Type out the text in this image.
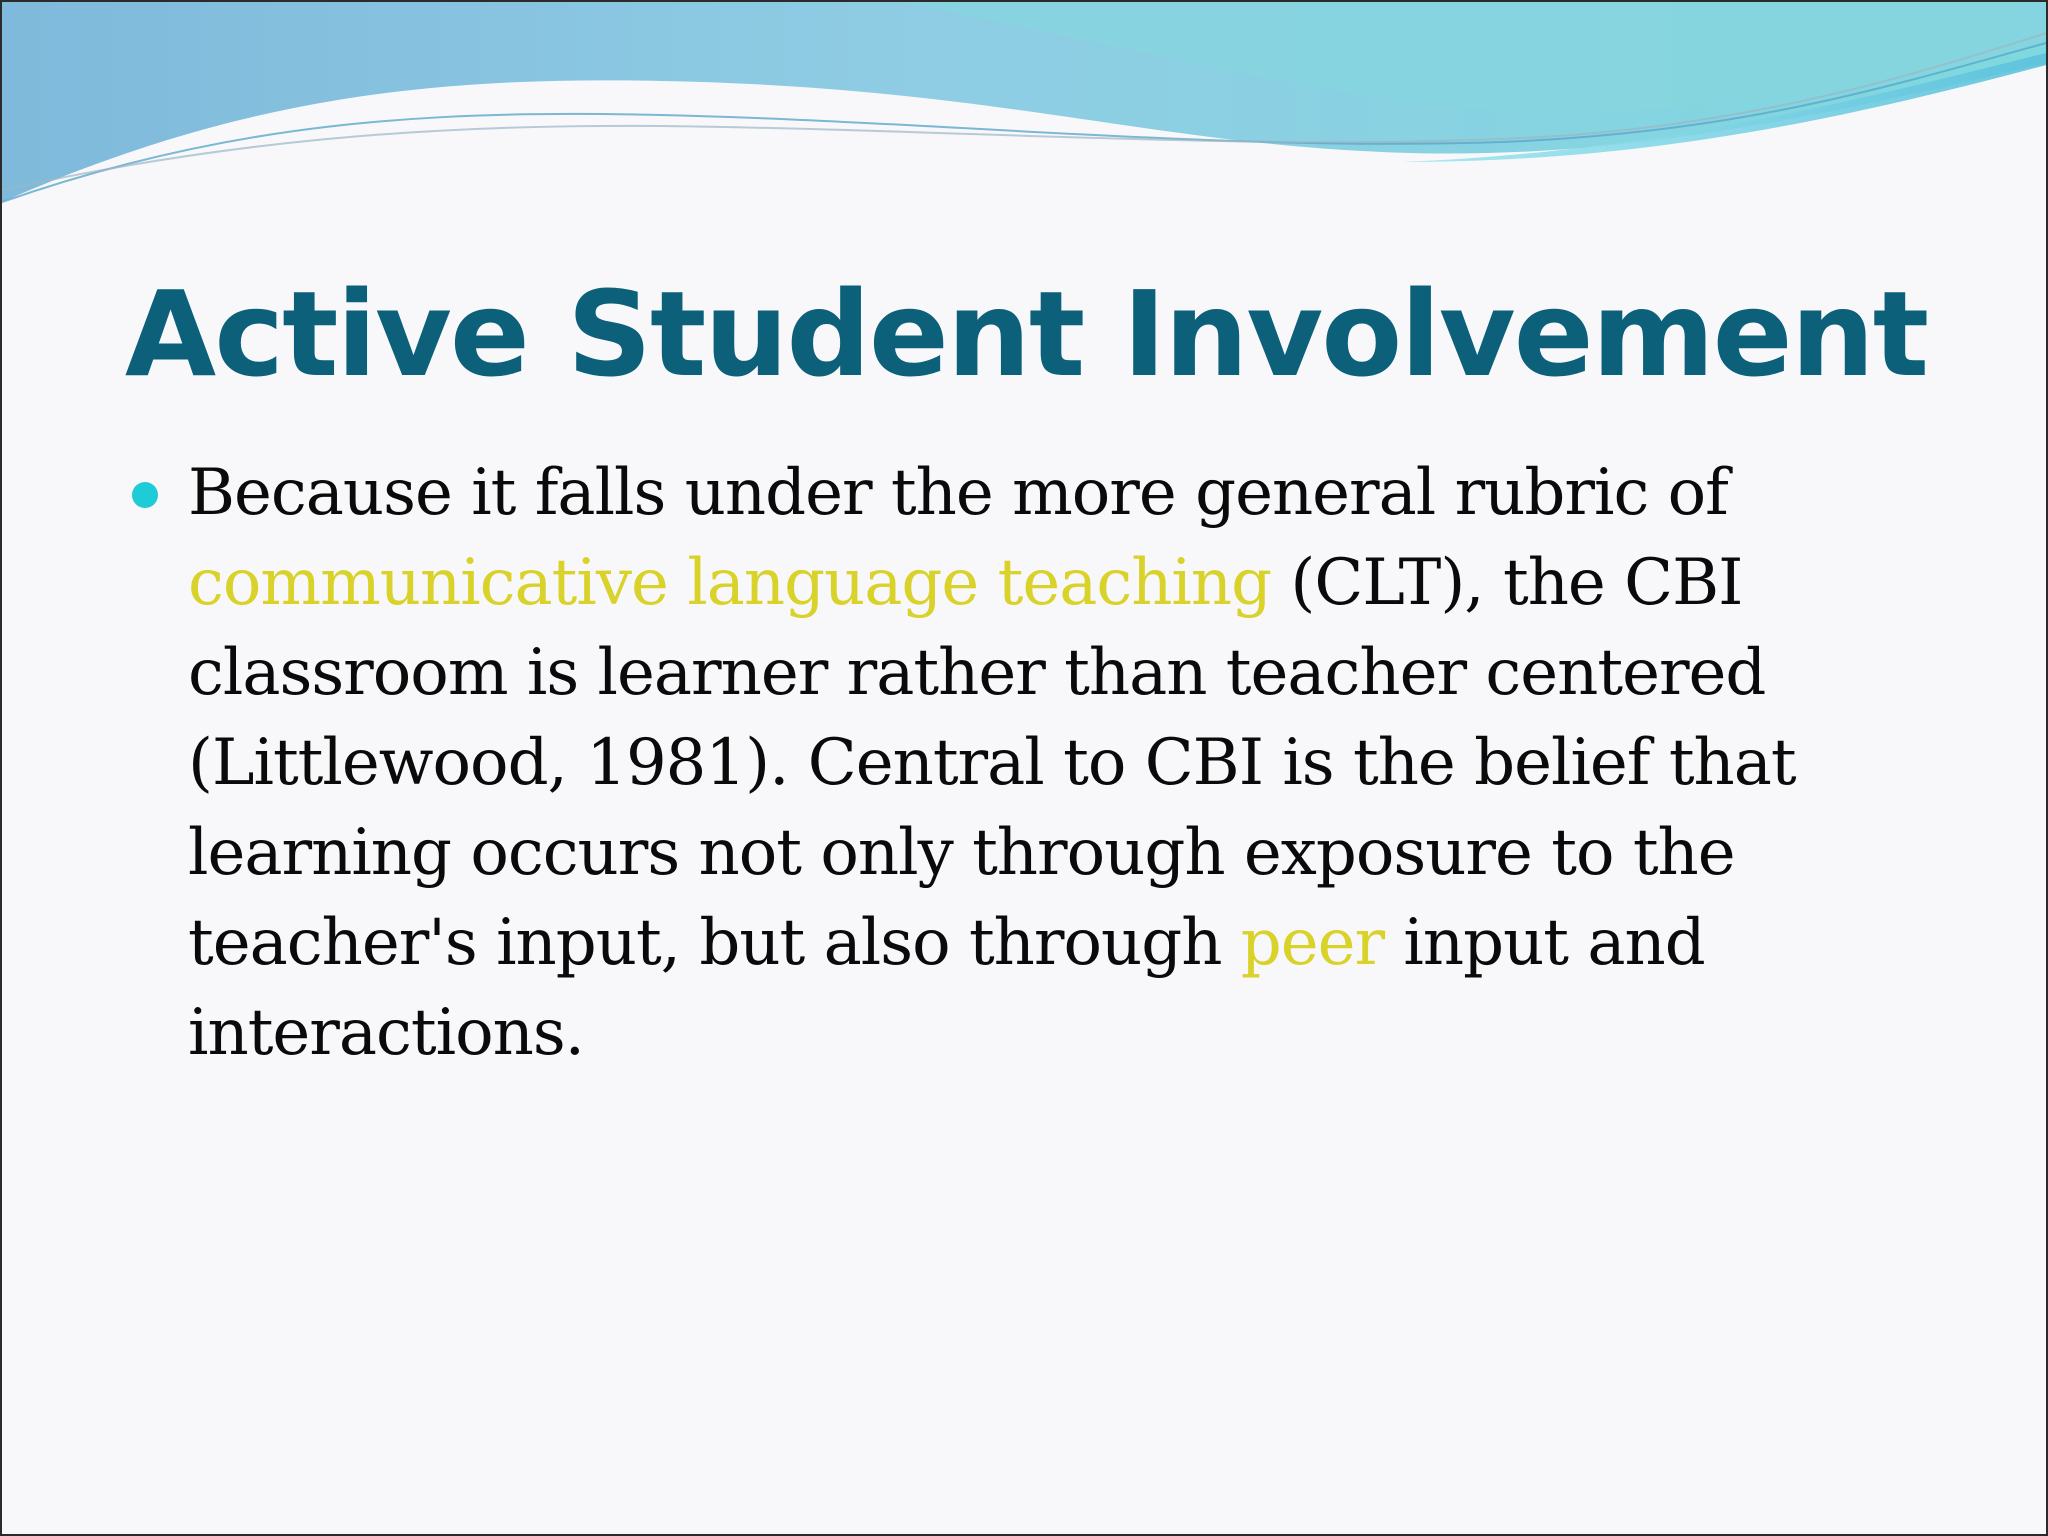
Active Student Involvement

Because it falls under the more general rubric of communicative language teaching (CLT), the CBI classroom is learner rather than teacher centered (Littlewood, 1981). Central to CBI is the belief that learning occurs not only through exposure to the teacher's input, but also through peer input and interactions.
